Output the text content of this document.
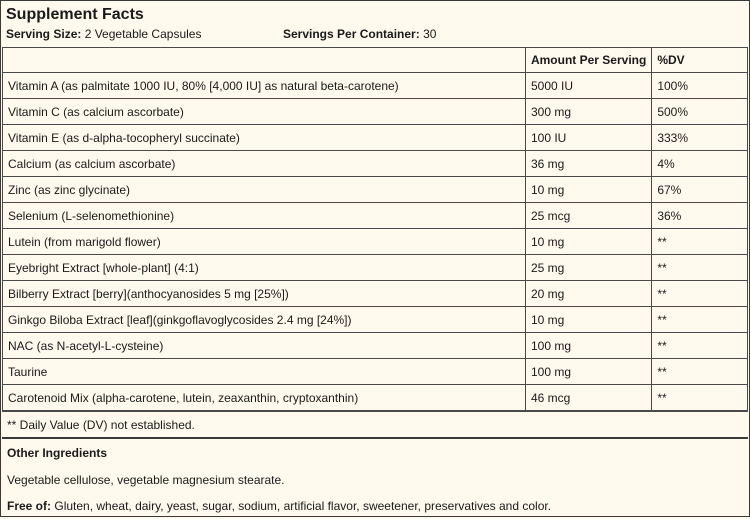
Supplement Facts
Serving Size: 2 Vegetable Capsules	Servings Per Container: 30
	Amount Per Serving	%DV
Vitamin A (as palmitate 1000 IU, 80% [4,000 IU] as natural beta-carotene)	5000 IU	100%
Vitamin C (as calcium ascorbate)	300 mg	500%
Vitamin E (as d-alpha-tocopheryl succinate)	100 IU	333%
Calcium (as calcium ascorbate)	36 mg	4%
Zinc (as zinc glycinate)	10 mg	67%
Selenium (L-selenomethionine)	25 mcg	36%
Lutein (from marigold flower)	10 mg	**
Eyebright Extract [whole-plant] (4:1)	25 mg	**
Bilberry Extract [berry](anthocyanosides 5 mg [25%])	20 mg	**
Ginkgo Biloba Extract [leaf](ginkgoflavoglycosides 2.4 mg [24%])	10 mg	**
NAC (as N-acetyl-L-cysteine)	100 mg	**
Taurine	100 mg	**
Carotenoid Mix (alpha-carotene, lutein, zeaxanthin, cryptoxanthin)	46 mcg	**
** Daily Value (DV) not established.
Other Ingredients
Vegetable cellulose, vegetable magnesium stearate.
Free of: Gluten, wheat, dairy, yeast, sugar, sodium, artificial flavor, sweetener, preservatives and color.
